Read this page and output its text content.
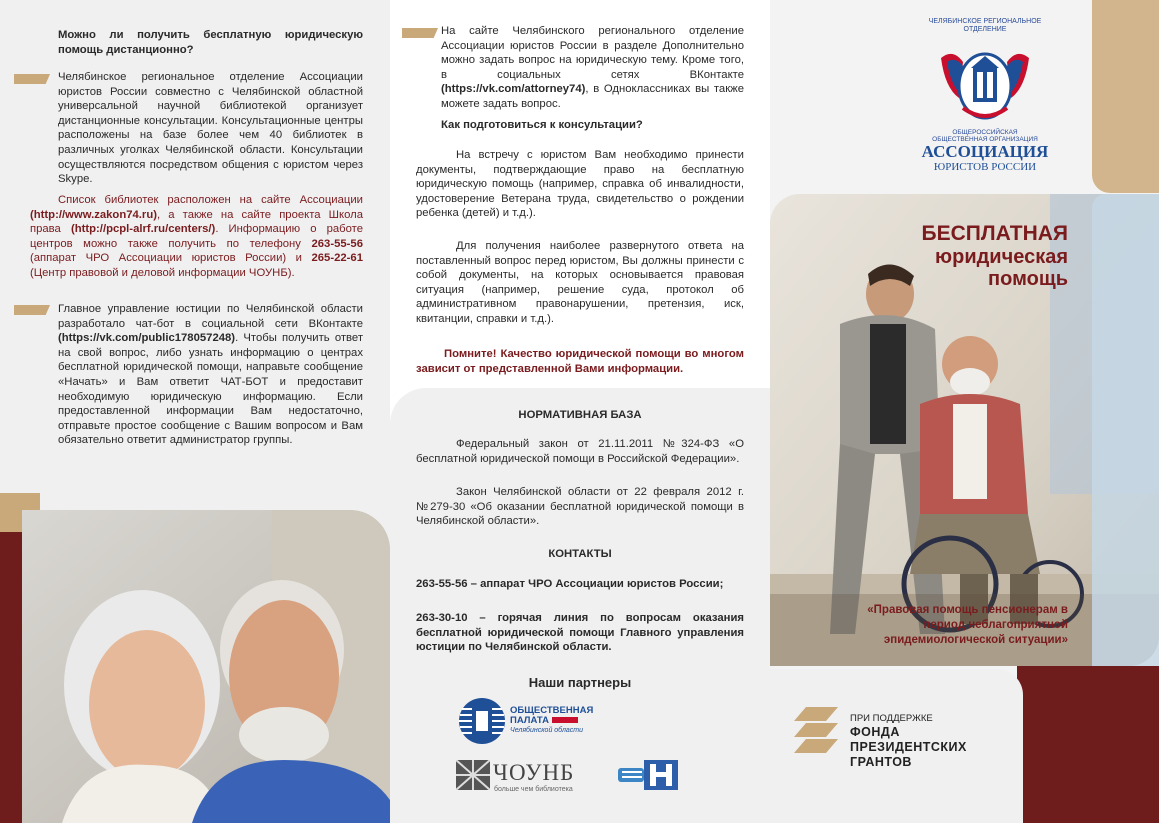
Можно ли получить бесплатную юридическую помощь дистанционно?

Челябинское региональное отделение Ассоциации юристов России совместно с Челябинской областной универсальной научной библиотекой организует дистанционные консультации. Консультационные центры расположены на базе более чем 40 библиотек в различных уголках Челябинской области. Консультации осуществляются посредством общения с юристом через Skype.

Список библиотек расположен на сайте Ассоциации (http://www.zakon74.ru), а также на сайте проекта Школа права (http://pcpl-alrf.ru/centers/). Информацию о работе центров можно также получить по телефону 263-55-56 (аппарат ЧРО Ассоциации юристов России) и 265-22-61 (Центр правовой и деловой информации ЧОУНБ).

Главное управление юстиции по Челябинской области разработало чат-бот в социальной сети ВКонтакте (https://vk.com/public178057248). Чтобы получить ответ на свой вопрос, либо узнать информацию о центрах бесплатной юридической помощи, направьте сообщение «Начать» и Вам ответит ЧАТ-БОТ и предоставит необходимую юридическую информацию. Если предоставленной информации Вам недостаточно, отправьте простое сообщение с Вашим вопросом и Вам обязательно ответит администратор группы.

На сайте Челябинского регионального отделение Ассоциации юристов России в разделе Дополнительно можно задать вопрос на юридическую тему. Кроме того, в социальных сетях ВКонтакте (https://vk.com/attorney74), в Одноклассниках вы также можете задать вопрос.

Как подготовиться к консультации?

На встречу с юристом Вам необходимо принести документы, подтверждающие право на бесплатную юридическую помощь (например, справка об инвалидности, удостоверение Ветерана труда, свидетельство о рождении ребенка (детей) и т.д.).

Для получения наиболее развернутого ответа на поставленный вопрос перед юристом, Вы должны принести с собой документы, на которых основывается правовая ситуация (например, решение суда, протокол об административном правонарушении, претензия, иск, квитанции, справки и т.д.).

Помните! Качество юридической помощи во многом зависит от представленной Вами информации.

НОРМАТИВНАЯ БАЗА

Федеральный закон от 21.11.2011 №324-ФЗ «О бесплатной юридической помощи в Российской Федерации».

Закон Челябинской области от 22 февраля 2012 г. №279-30 «Об оказании бесплатной юридической помощи в Челябинской области».

КОНТАКТЫ

263-55-56 – аппарат ЧРО Ассоциации юристов России;

263-30-10 – горячая линия по вопросам оказания бесплатной юридической помощи Главного управления юстиции по Челябинской области.

Наши партнеры

ОБЩЕСТВЕННАЯ
ПАЛАТА
Челябинской области
ЧОУНБ
больше чем библиотека
ЧЕЛЯБИНСКОЕ РЕГИОНАЛЬНОЕ
ОТДЕЛЕНИЕ
ОБЩЕРОССИЙСКАЯ
ОБЩЕСТВЕННАЯ ОРГАНИЗАЦИЯ
АССОЦИАЦИЯ
ЮРИСТОВ РОССИИ
БЕСПЛАТНАЯ
юридическая
помощь
«Правовая помощь пенсионерам в период неблагоприятной эпидемиологической ситуации»
ПРИ ПОДДЕРЖКЕ
ФОНДА
ПРЕЗИДЕНТСКИХ
ГРАНТОВ
